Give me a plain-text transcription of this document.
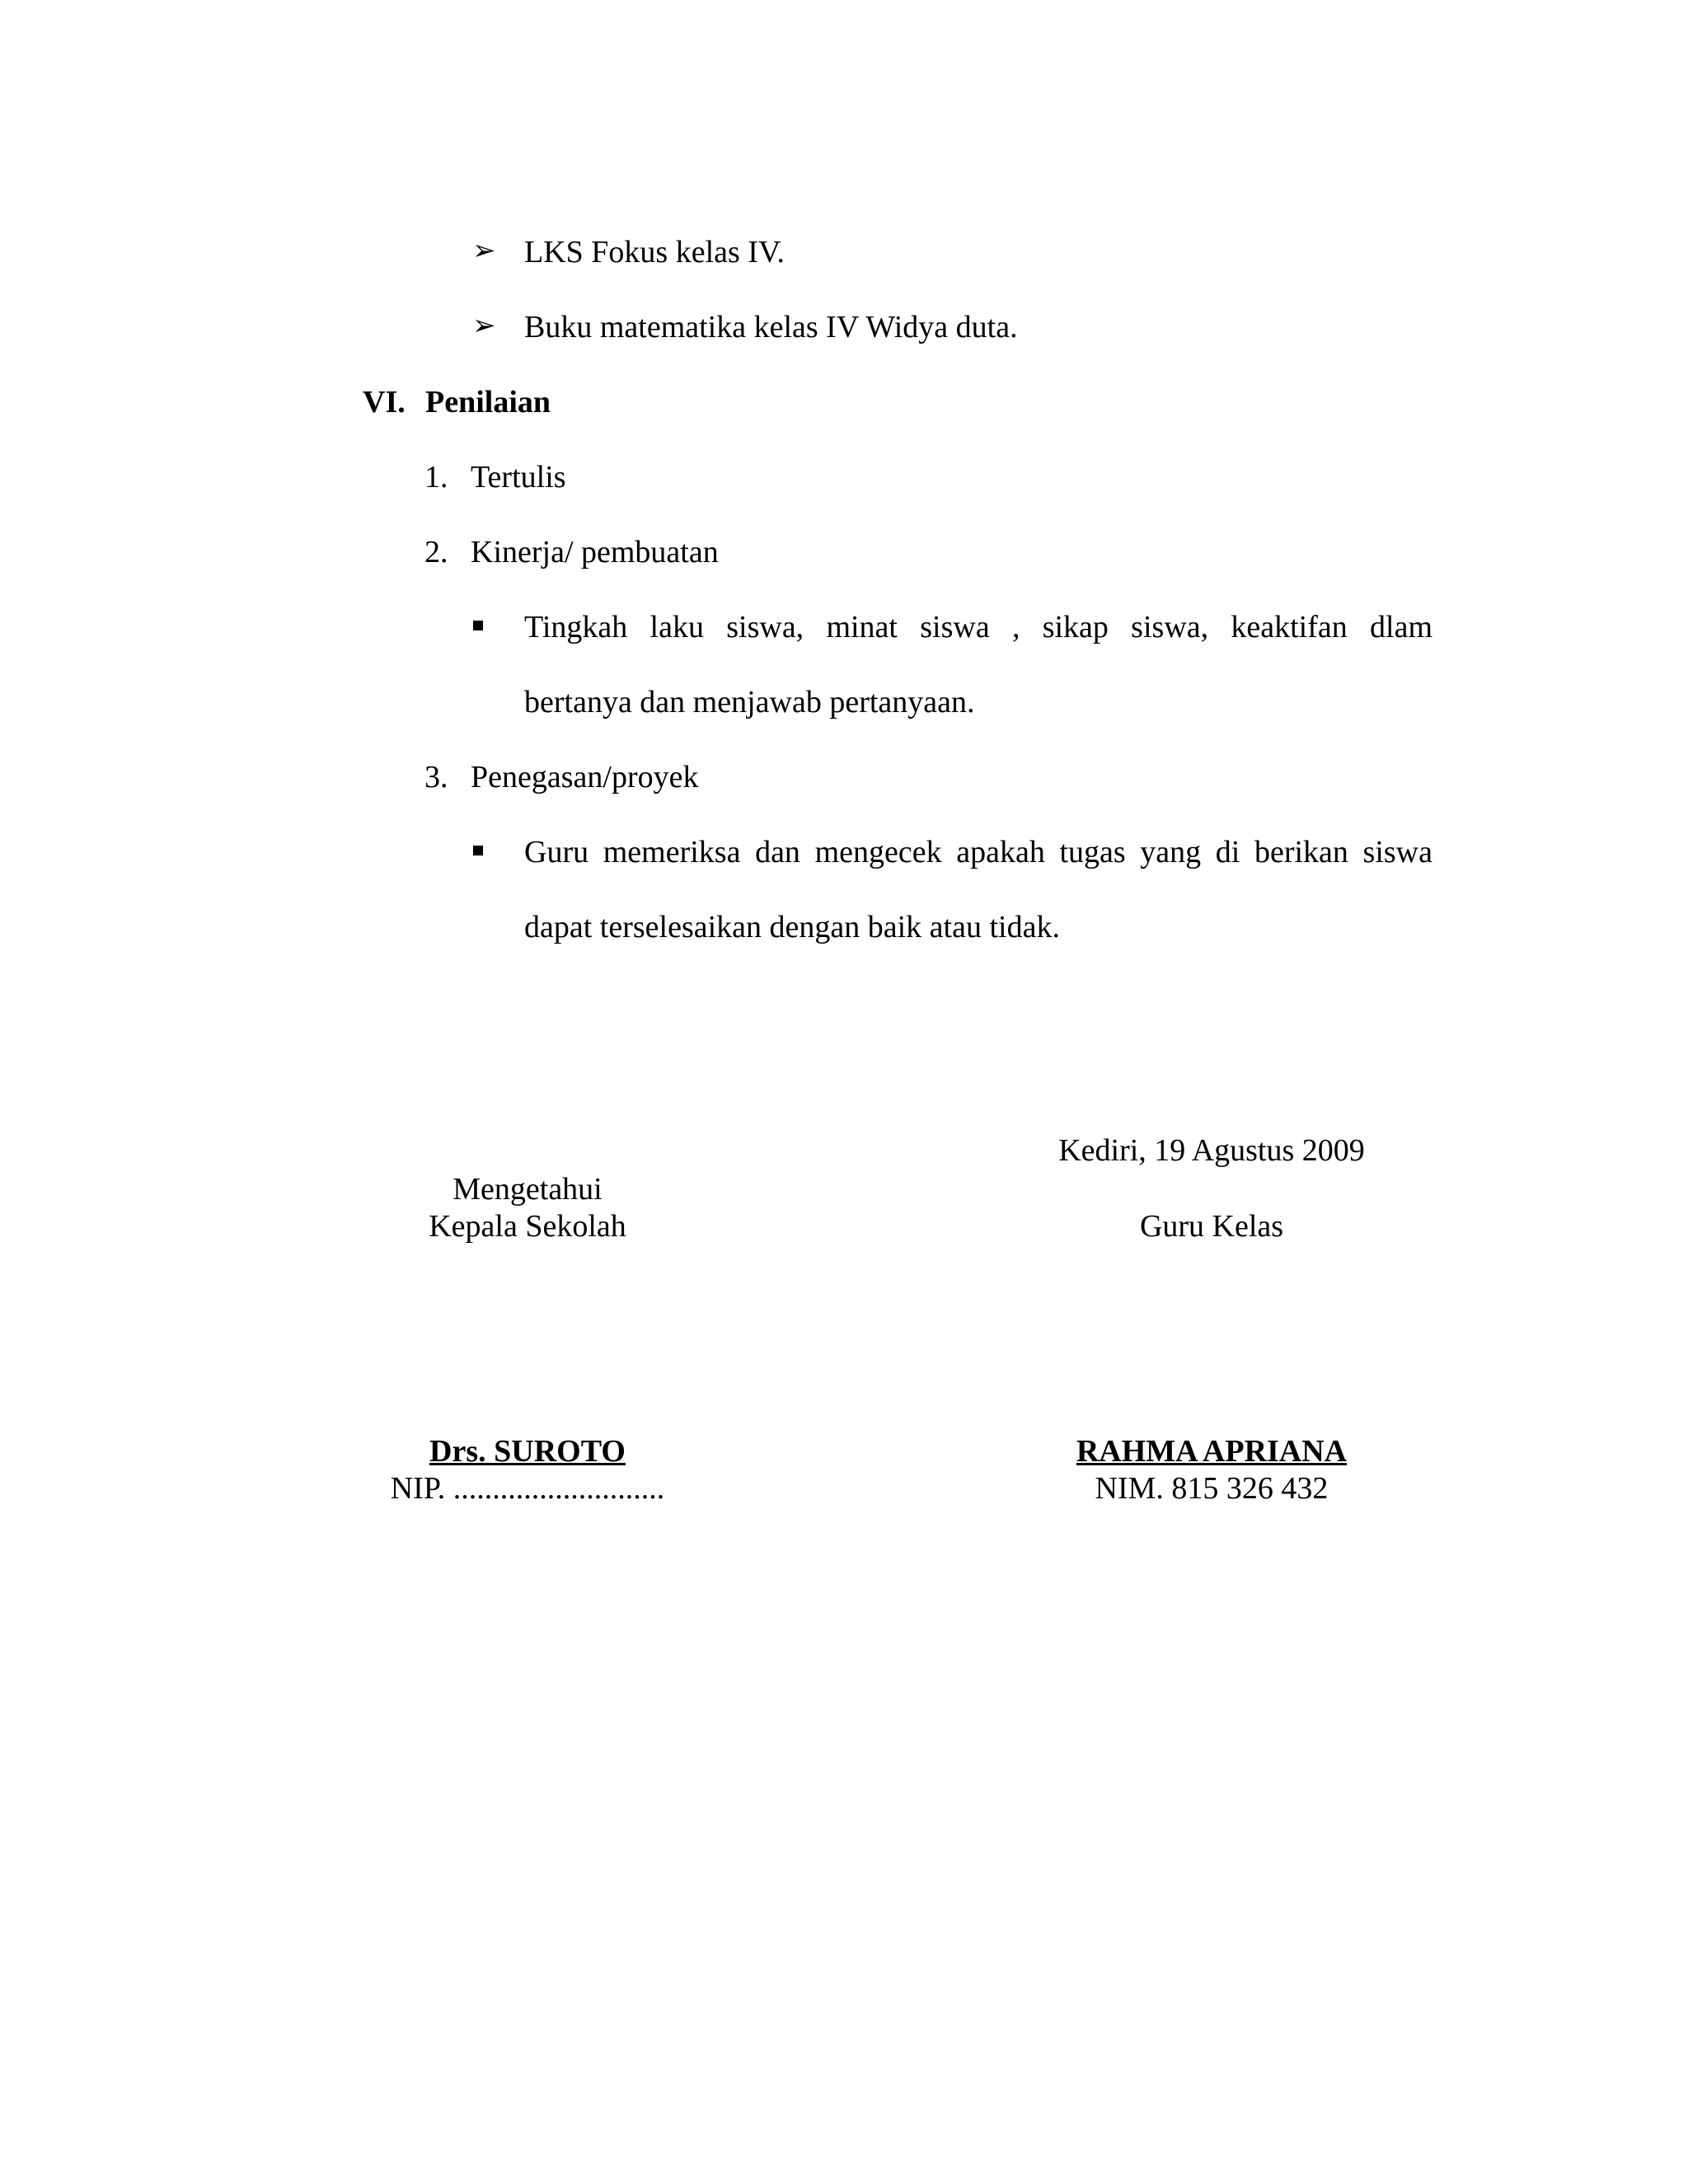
➢ LKS Fokus kelas IV.
➢ Buku matematika kelas IV Widya duta.
VI. Penilaian
1. Tertulis
2. Kinerja/ pembuatan
Tingkah laku siswa, minat siswa , sikap siswa, keaktifan dlam
bertanya dan menjawab pertanyaan.
3. Penegasan/proyek
Guru memeriksa dan mengecek apakah tugas yang di berikan siswa
dapat terselesaikan dengan baik atau tidak.
Kediri, 19 Agustus 2009
Mengetahui
Kepala Sekolah	Guru Kelas
Drs. SUROTO
NIP. ...........................
RAHMA APRIANA
NIM. 815 326 432
